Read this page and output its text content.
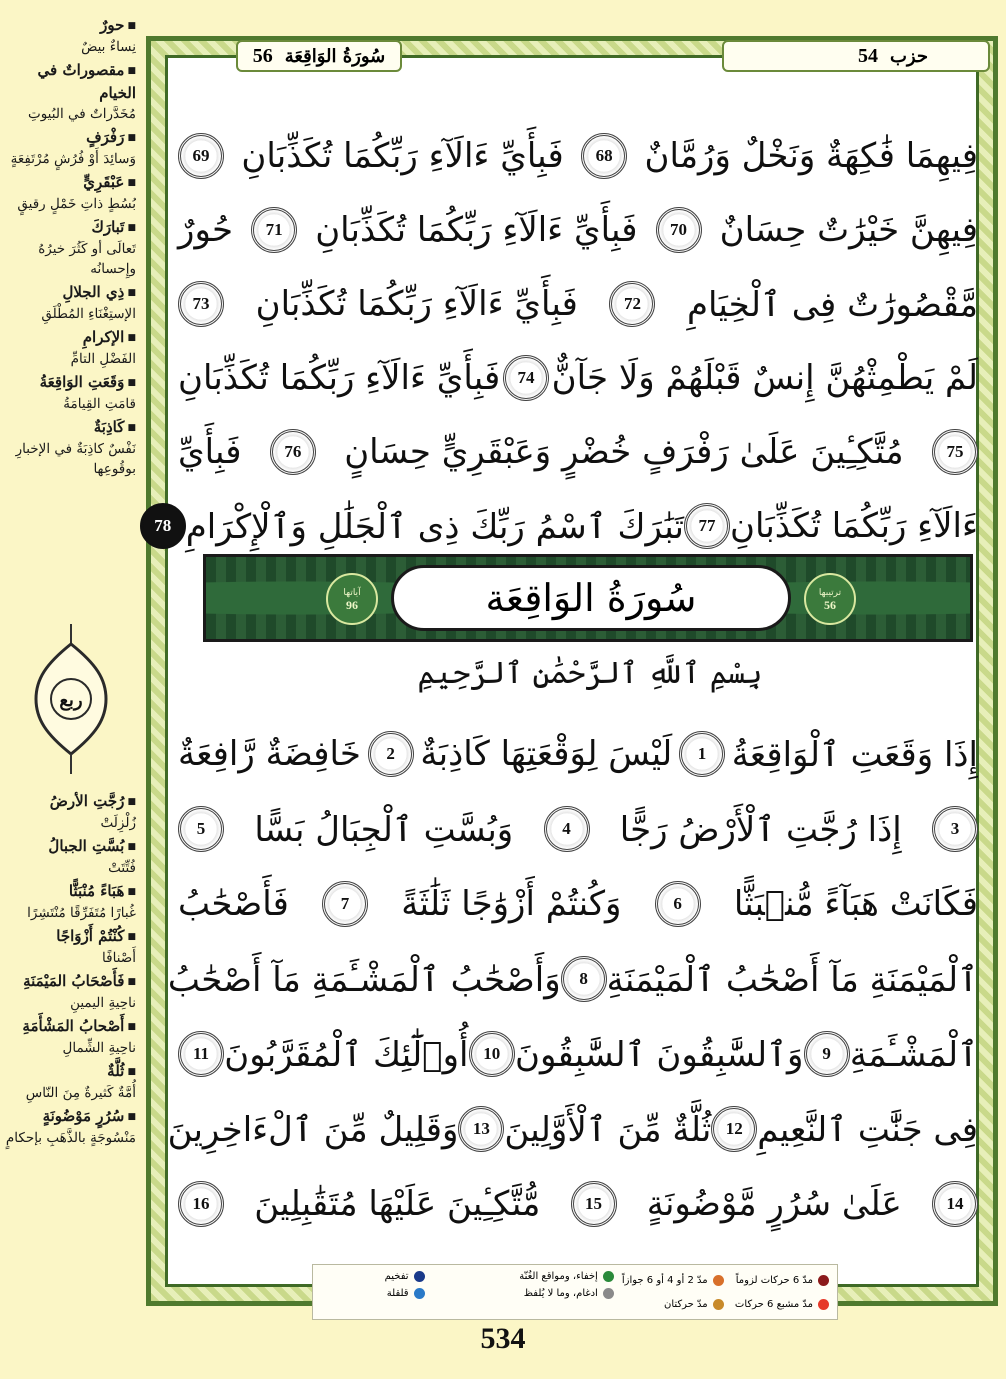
■ حورٌ
نِساءٌ بيضٌ
■ مقصوراتٌ في الخيام
مُخَدَّراتٌ في البُيوتِ
■ رَفْرَفٍ
وَسائِدَ أَوْ فُرُشٍ مُرْتَفِعَةٍ
■ عَبْقَرِيٍّ
بُسُطٍ ذاتِ خَمْلٍ رقيقٍ
■ تَبارَكَ
تَعالَى أو كَثُرَ خيرُهُ وإِحسانُه
■ ذِي الجلالِ
الإستِغْنَاءِ المُطْلَقِ
■ الإكرامِ
الفَضْلِ التامِّ
■ وَقَعَتِ الوَاقِعَةُ
قامَتِ القِيامَةُ
■ كَاذِبَةٌ
نَفْسٌ كاذِبَةٌ في الإخبارِ بوقُوعِها
ربع
■ رُجَّتِ الأرضُ
زُلْزِلَتْ
■ بُسَّتِ الجبالُ
فُتِّتَتْ
■ هَبَاءً مُنْبَثًّا
غُبارًا مُتَفَرِّقًا مُنْتَشِرًا
■ كُنْتُمْ أَزْوَاجًا
أَصْنافًا
■ فَأَصْحَابُ المَيْمَنَةِ
ناحِيةِ اليمينِ
■ أَصْحابُ المَشْأَمَةِ
ناحِيةِ الشِّمالِ
■ ثُلَّةٌ
أُمَّةٌ كَثيرةٌ مِنَ النّاسِ
■ سُرُرٍ مَوْضُونَةٍ
مَنْسُوجَةٍ بالذَّهَبِ بإحكامٍ
سُورَةُ الوَاقِعَة
56	حزب
54
فِيهِمَا فَٰكِهَةٌ وَنَخْلٌ وَرُمَّانٌ
68
فَبِأَيِّ ءَالَآءِ رَبِّكُمَا تُكَذِّبَانِ
69
فِيهِنَّ خَيْرَٰتٌ حِسَانٌ
70
فَبِأَيِّ ءَالَآءِ رَبِّكُمَا تُكَذِّبَانِ
71
حُورٌ
مَّقْصُورَٰتٌ فِى ٱلْخِيَامِ
72
فَبِأَيِّ ءَالَآءِ رَبِّكُمَا تُكَذِّبَانِ
73
لَمْ يَطْمِثْهُنَّ إِنسٌ قَبْلَهُمْ وَلَا جَآنٌّ
74
فَبِأَيِّ ءَالَآءِ رَبِّكُمَا تُكَذِّبَانِ
75
مُتَّكِـِٔينَ عَلَىٰ رَفْرَفٍ خُضْرٍ وَعَبْقَرِيٍّ حِسَانٍ
76
فَبِأَيِّ
ءَالَآءِ رَبِّكُمَا تُكَذِّبَانِ
77
تَبَٰرَكَ ٱسْمُ رَبِّكَ ذِى ٱلْجَلَٰلِ وَٱلْإِكْرَامِ
78
آياتها
96	سُورَةُ الوَاقِعَة	ترتيبها
56
بِسْمِ ٱللَّهِ ٱلرَّحْمَٰنِ ٱلرَّحِيمِ
إِذَا وَقَعَتِ ٱلْوَاقِعَةُ
1
لَيْسَ لِوَقْعَتِهَا كَاذِبَةٌ
2
خَافِضَةٌ رَّافِعَةٌ
3
إِذَا رُجَّتِ ٱلْأَرْضُ رَجًّا
4
وَبُسَّتِ ٱلْجِبَالُ بَسًّا
5
فَكَانَتْ هَبَآءً مُّنۢبَثًّا
6
وَكُنتُمْ أَزْوَٰجًا ثَلَٰثَةً
7
فَأَصْحَٰبُ
ٱلْمَيْمَنَةِ مَآ أَصْحَٰبُ ٱلْمَيْمَنَةِ
8
وَأَصْحَٰبُ ٱلْمَشْـَٔمَةِ مَآ أَصْحَٰبُ
ٱلْمَشْـَٔمَةِ
9
وَٱلسَّٰبِقُونَ ٱلسَّٰبِقُونَ
10
أُو۟لَٰٓئِكَ ٱلْمُقَرَّبُونَ
11
فِى جَنَّٰتِ ٱلنَّعِيمِ
12
ثُلَّةٌ مِّنَ ٱلْأَوَّلِينَ
13
وَقَلِيلٌ مِّنَ ٱلْءَاخِرِينَ
14
عَلَىٰ سُرُرٍ مَّوْضُونَةٍ
15
مُّتَّكِـِٔينَ عَلَيْهَا مُتَقَٰبِلِينَ
16
مدّ 6 حركات لزوماً
مدّ 2 أو 4 أو 6 جوازاً
مدّ مشبع 6 حركات
مدّ حركتان
إخفاء، ومواقع الغُنّة
ادغام، وما لا يُلفظ
تفخيم
قلقلة
534
